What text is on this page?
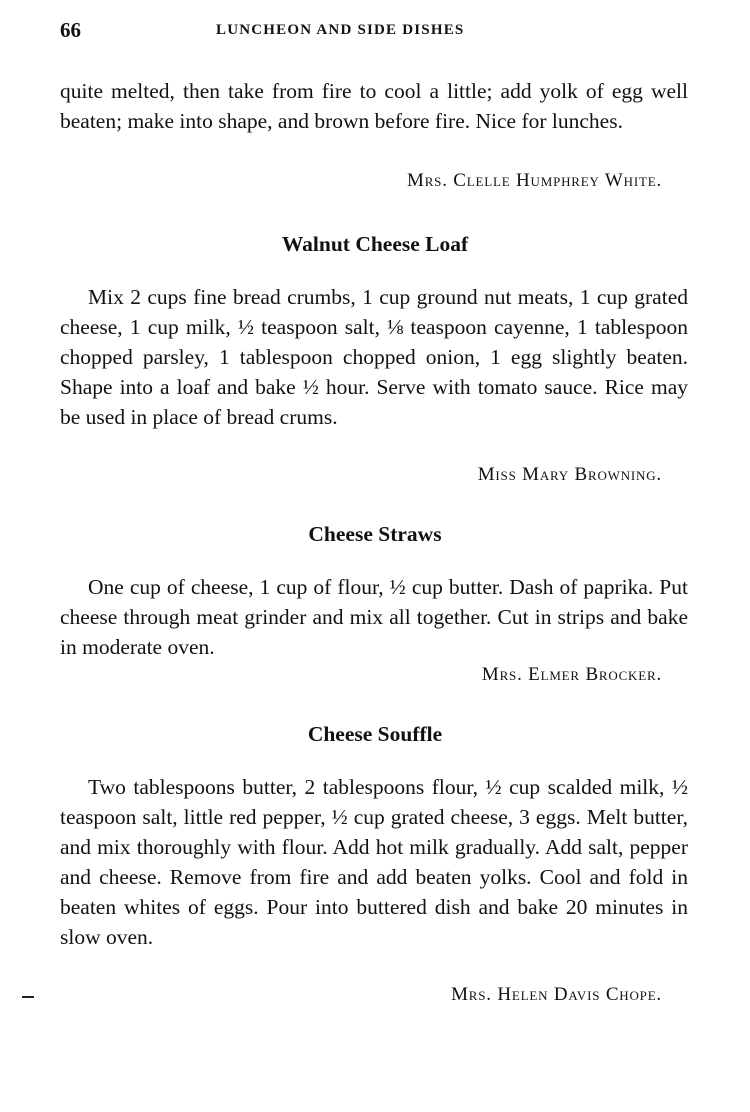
66	LUNCHEON AND SIDE DISHES

quite melted, then take from fire to cool a little; add yolk of egg well beaten; make into shape, and brown before fire. Nice for lunches.

Mrs. Clelle Humphrey White.
Walnut Cheese Loaf

Mix 2 cups fine bread crumbs, 1 cup ground nut meats, 1 cup grated cheese, 1 cup milk, ½ teaspoon salt, ⅛ teaspoon cayenne, 1 tablespoon chopped parsley, 1 tablespoon chopped onion, 1 egg slightly beaten. Shape into a loaf and bake ½ hour. Serve with tomato sauce. Rice may be used in place of bread crums.

Miss Mary Browning.
Cheese Straws

One cup of cheese, 1 cup of flour, ½ cup butter. Dash of paprika. Put cheese through meat grinder and mix all together. Cut in strips and bake in moderate oven.

Mrs. Elmer Brocker.
Cheese Souffle

Two tablespoons butter, 2 tablespoons flour, ½ cup scalded milk, ½ teaspoon salt, little red pepper, ½ cup grated cheese, 3 eggs. Melt butter, and mix thoroughly with flour. Add hot milk gradually. Add salt, pepper and cheese. Remove from fire and add beaten yolks. Cool and fold in beaten whites of eggs. Pour into buttered dish and bake 20 minutes in slow oven.

Mrs. Helen Davis Chope.
